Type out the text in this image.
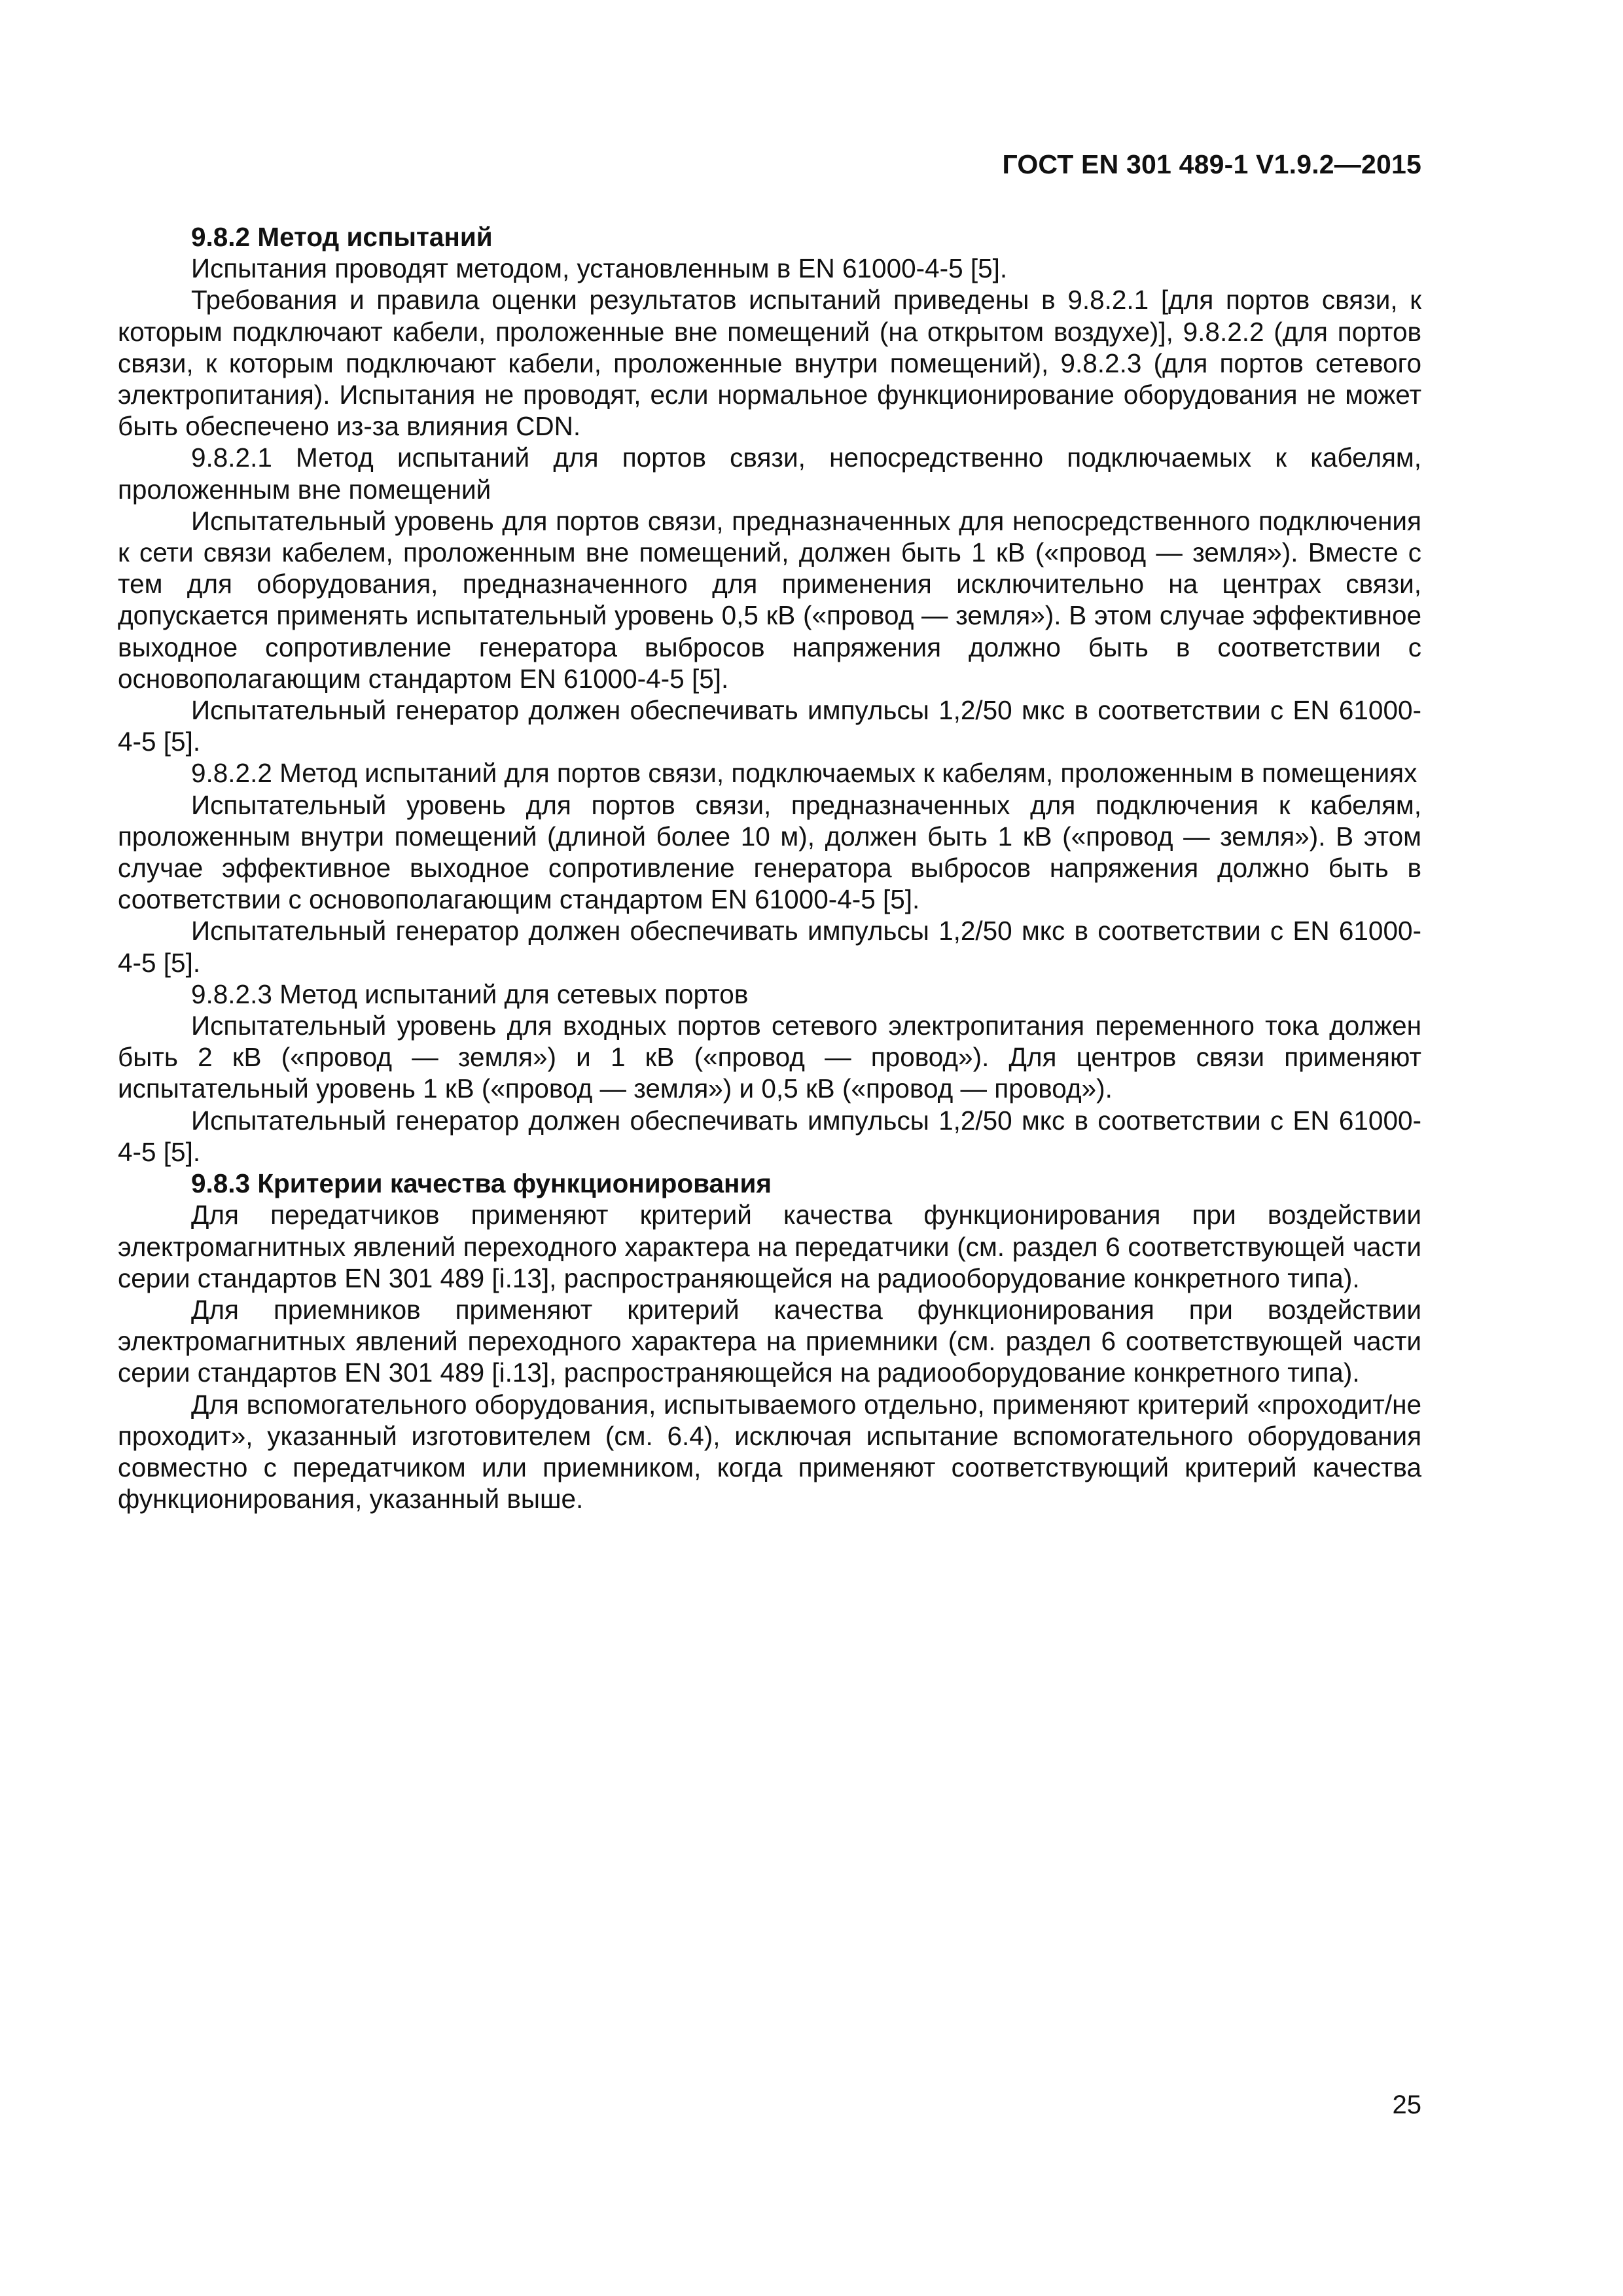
ГОСТ EN 301 489-1 V1.9.2—2015

9.8.2 Метод испытаний

Испытания проводят методом, установленным в EN 61000-4-5 [5].

Требования и правила оценки результатов испытаний приведены в 9.8.2.1 [для портов связи, к которым подключают кабели, проложенные вне помещений (на открытом воздухе)], 9.8.2.2 (для портов связи, к которым подключают кабели, проложенные внутри помещений), 9.8.2.3 (для портов сетевого электропитания). Испытания не проводят, если нормальное функционирование оборудования не может быть обеспечено из-за влияния CDN.

9.8.2.1 Метод испытаний для портов связи, непосредственно подключаемых к кабелям, проложенным вне помещений

Испытательный уровень для портов связи, предназначенных для непосредственного подключения к сети связи кабелем, проложенным вне помещений, должен быть 1 кВ («провод — земля»). Вместе с тем для оборудования, предназначенного для применения исключительно на центрах связи, допускается применять испытательный уровень 0,5 кВ («провод — земля»). В этом случае эффективное выходное сопротивление генератора выбросов напряжения должно быть в соответствии с основополагающим стандартом EN 61000-4-5 [5].

Испытательный генератор должен обеспечивать импульсы 1,2/50 мкс в соответствии с EN 61000-4-5 [5].

9.8.2.2 Метод испытаний для портов связи, подключаемых к кабелям, проложенным в помещениях

Испытательный уровень для портов связи, предназначенных для подключения к кабелям, проложенным внутри помещений (длиной более 10 м), должен быть 1 кВ («провод — земля»). В этом случае эффективное выходное сопротивление генератора выбросов напряжения должно быть в соответствии с основополагающим стандартом EN 61000-4-5 [5].

Испытательный генератор должен обеспечивать импульсы 1,2/50 мкс в соответствии с EN 61000-4-5 [5].

9.8.2.3 Метод испытаний для сетевых портов

Испытательный уровень для входных портов сетевого электропитания переменного тока должен быть 2 кВ («провод — земля») и 1 кВ («провод — провод»). Для центров связи применяют испытательный уровень 1 кВ («провод — земля») и 0,5 кВ («провод — провод»).

Испытательный генератор должен обеспечивать импульсы 1,2/50 мкс в соответствии с EN 61000-4-5 [5].

9.8.3 Критерии качества функционирования

Для передатчиков применяют критерий качества функционирования при воздействии электромагнитных явлений переходного характера на передатчики (см. раздел 6 соответствующей части серии стандартов EN 301 489 [i.13], распространяющейся на радиооборудование конкретного типа).

Для приемников применяют критерий качества функционирования при воздействии электромагнитных явлений переходного характера на приемники (см. раздел 6 соответствующей части серии стандартов EN 301 489 [i.13], распространяющейся на радиооборудование конкретного типа).

Для вспомогательного оборудования, испытываемого отдельно, применяют критерий «проходит/не проходит», указанный изготовителем (см. 6.4), исключая испытание вспомогательного оборудования совместно с передатчиком или приемником, когда применяют соответствующий критерий качества функционирования, указанный выше.

25
